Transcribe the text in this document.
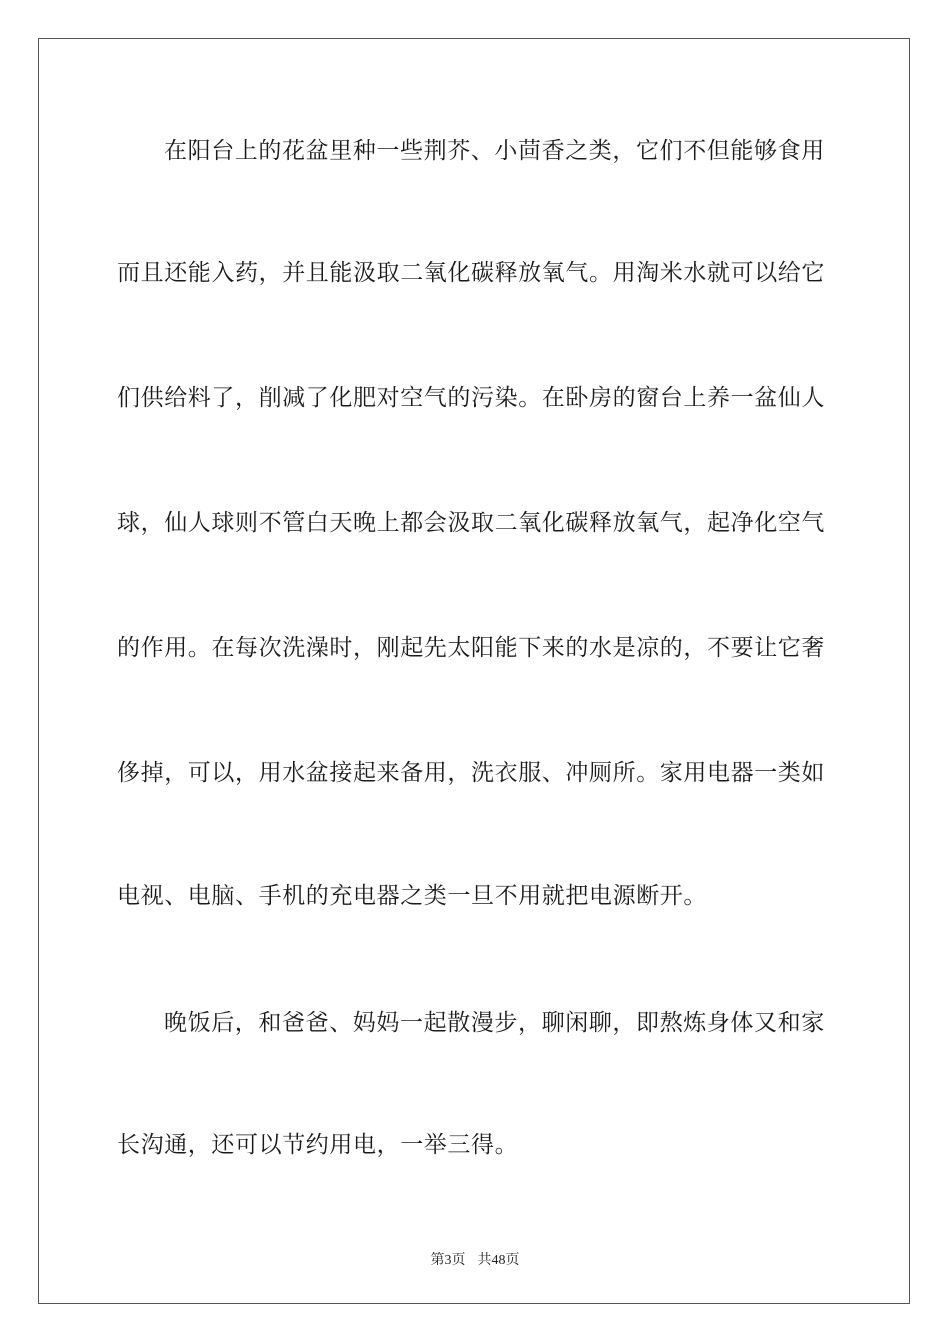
在阳台上的花盆里种一些荆芥、小茴香之类，它们不但能够食用
而且还能入药，并且能汲取二氧化碳释放氧气。用淘米水就可以给它
们供给料了，削减了化肥对空气的污染。在卧房的窗台上养一盆仙人
球，仙人球则不管白天晚上都会汲取二氧化碳释放氧气，起净化空气
的作用。在每次洗澡时，刚起先太阳能下来的水是凉的，不要让它奢
侈掉，可以，用水盆接起来备用，洗衣服、冲厕所。家用电器一类如
电视、电脑、手机的充电器之类一旦不用就把电源断开。
晚饭后，和爸爸、妈妈一起散漫步，聊闲聊，即熬炼身体又和家
长沟通，还可以节约用电，一举三得。
第3页 共48页
